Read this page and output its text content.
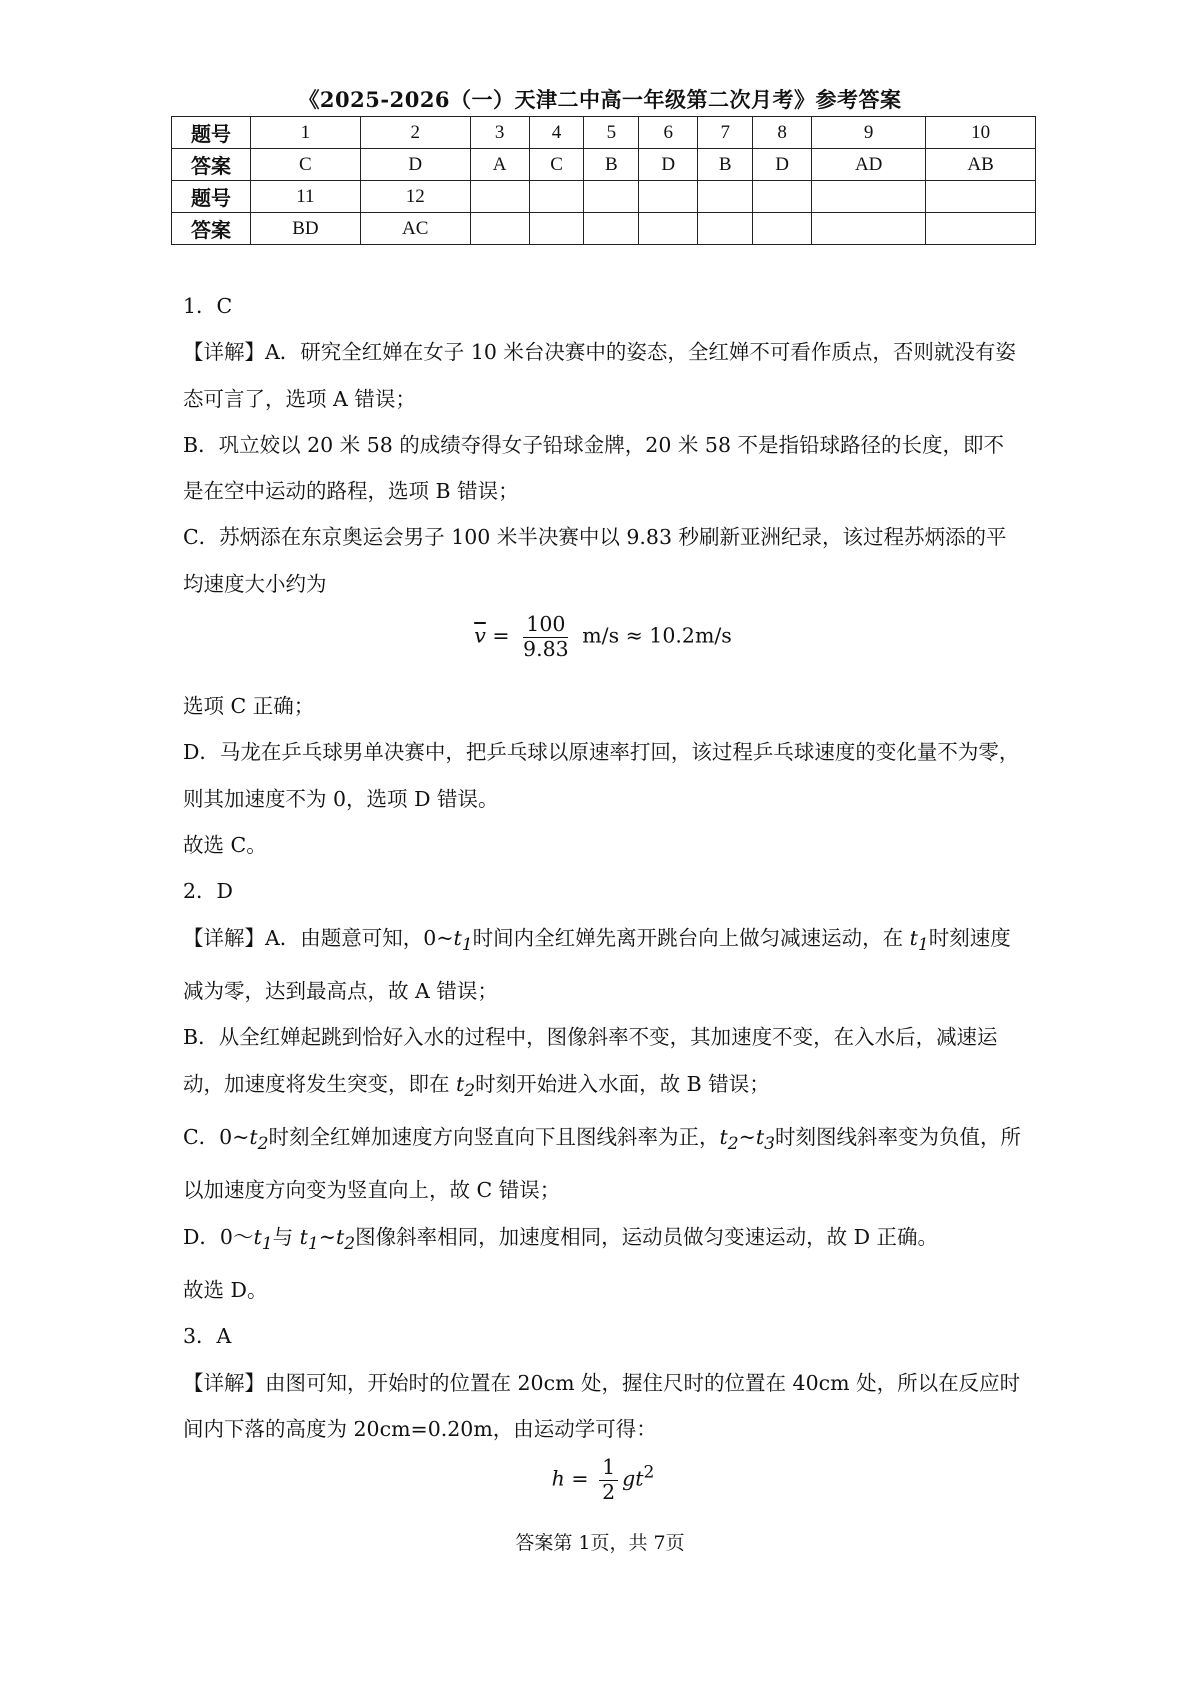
《2025-2026（一）天津二中高一年级第二次月考》参考答案
题号	1	2	3	4	5	6	7	8	9	10
答案	C	D	A	C	B	D	B	D	AD	AB
题号	11	12								
答案	BD	AC								

1．C

【详解】A．研究全红婵在女子 10 米台决赛中的姿态，全红婵不可看作质点，否则就没有姿态可言了，选项 A 错误；

B．巩立姣以 20 米 58 的成绩夺得女子铅球金牌，20 米 58 不是指铅球路径的长度，即不是在空中运动的路程，选项 B 错误；

C．苏炳添在东京奥运会男子 100 米半决赛中以 9.83 秒刷新亚洲纪录，该过程苏炳添的平均速度大小约为

$\overline{v} = \frac{100}{9.83} m/s \approx 10.2m/s$

选项 C 正确；

D．马龙在乒乓球男单决赛中，把乒乓球以原速率打回，该过程乒乓球速度的变化量不为零，则其加速度不为 0，选项 D 错误。

故选 C。

2．D

【详解】A．由题意可知，$0\sim t_1$时间内全红婵先离开跳台向上做匀减速运动，在 $t_1$时刻速度减为零，达到最高点，故 A 错误；

B．从全红婵起跳到恰好入水的过程中，图像斜率不变，其加速度不变，在入水后，减速运动，加速度将发生突变，即在 $t_2$时刻开始进入水面，故 B 错误；

C．$0\sim t_2$时刻全红婵加速度方向竖直向下且图线斜率为正，$t_2\sim t_3$时刻图线斜率变为负值，所以加速度方向变为竖直向上，故 C 错误；

D．$0\sim t_1$与 $t_1\sim t_2$图像斜率相同，加速度相同，运动员做匀变速运动，故 D 正确。

故选 D。

3．A

【详解】由图可知，开始时的位置在 20cm 处，握住尺时的位置在 40cm 处，所以在反应时间内下落的高度为 20cm=0.20m，由运动学可得：

$h = \frac{1}{2} gt^2$
答案第 1页，共 7页
